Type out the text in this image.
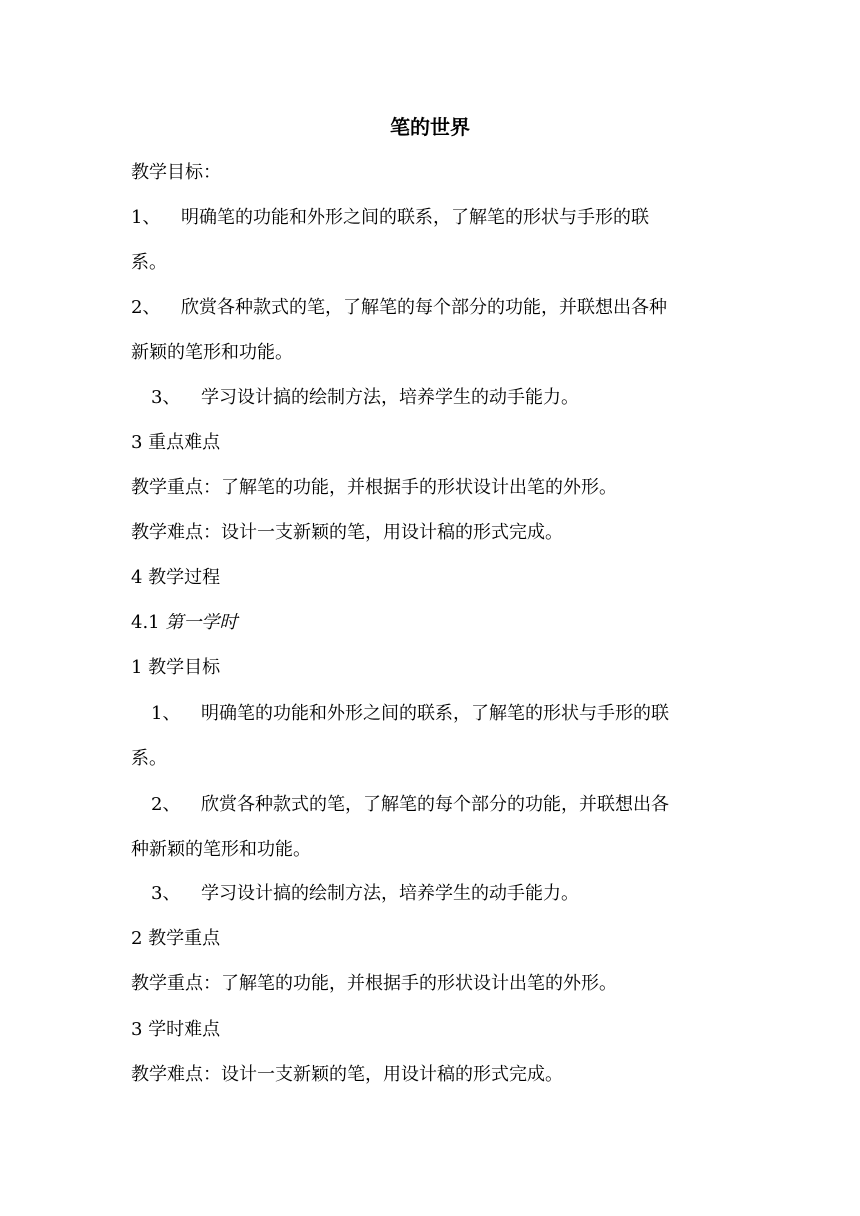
笔的世界
教学目标：
1、 明确笔的功能和外形之间的联系，了解笔的形状与手形的联
系。
2、 欣赏各种款式的笔，了解笔的每个部分的功能，并联想出各种
新颖的笔形和功能。
3、 学习设计搞的绘制方法，培养学生的动手能力。
3 重点难点
教学重点：了解笔的功能，并根据手的形状设计出笔的外形。
教学难点：设计一支新颖的笔，用设计稿的形式完成。
4 教学过程
4.1 第一学时
1 教学目标
1、 明确笔的功能和外形之间的联系，了解笔的形状与手形的联
系。
2、 欣赏各种款式的笔，了解笔的每个部分的功能，并联想出各
种新颖的笔形和功能。
3、 学习设计搞的绘制方法，培养学生的动手能力。
2 教学重点
教学重点：了解笔的功能，并根据手的形状设计出笔的外形。
3 学时难点
教学难点：设计一支新颖的笔，用设计稿的形式完成。
